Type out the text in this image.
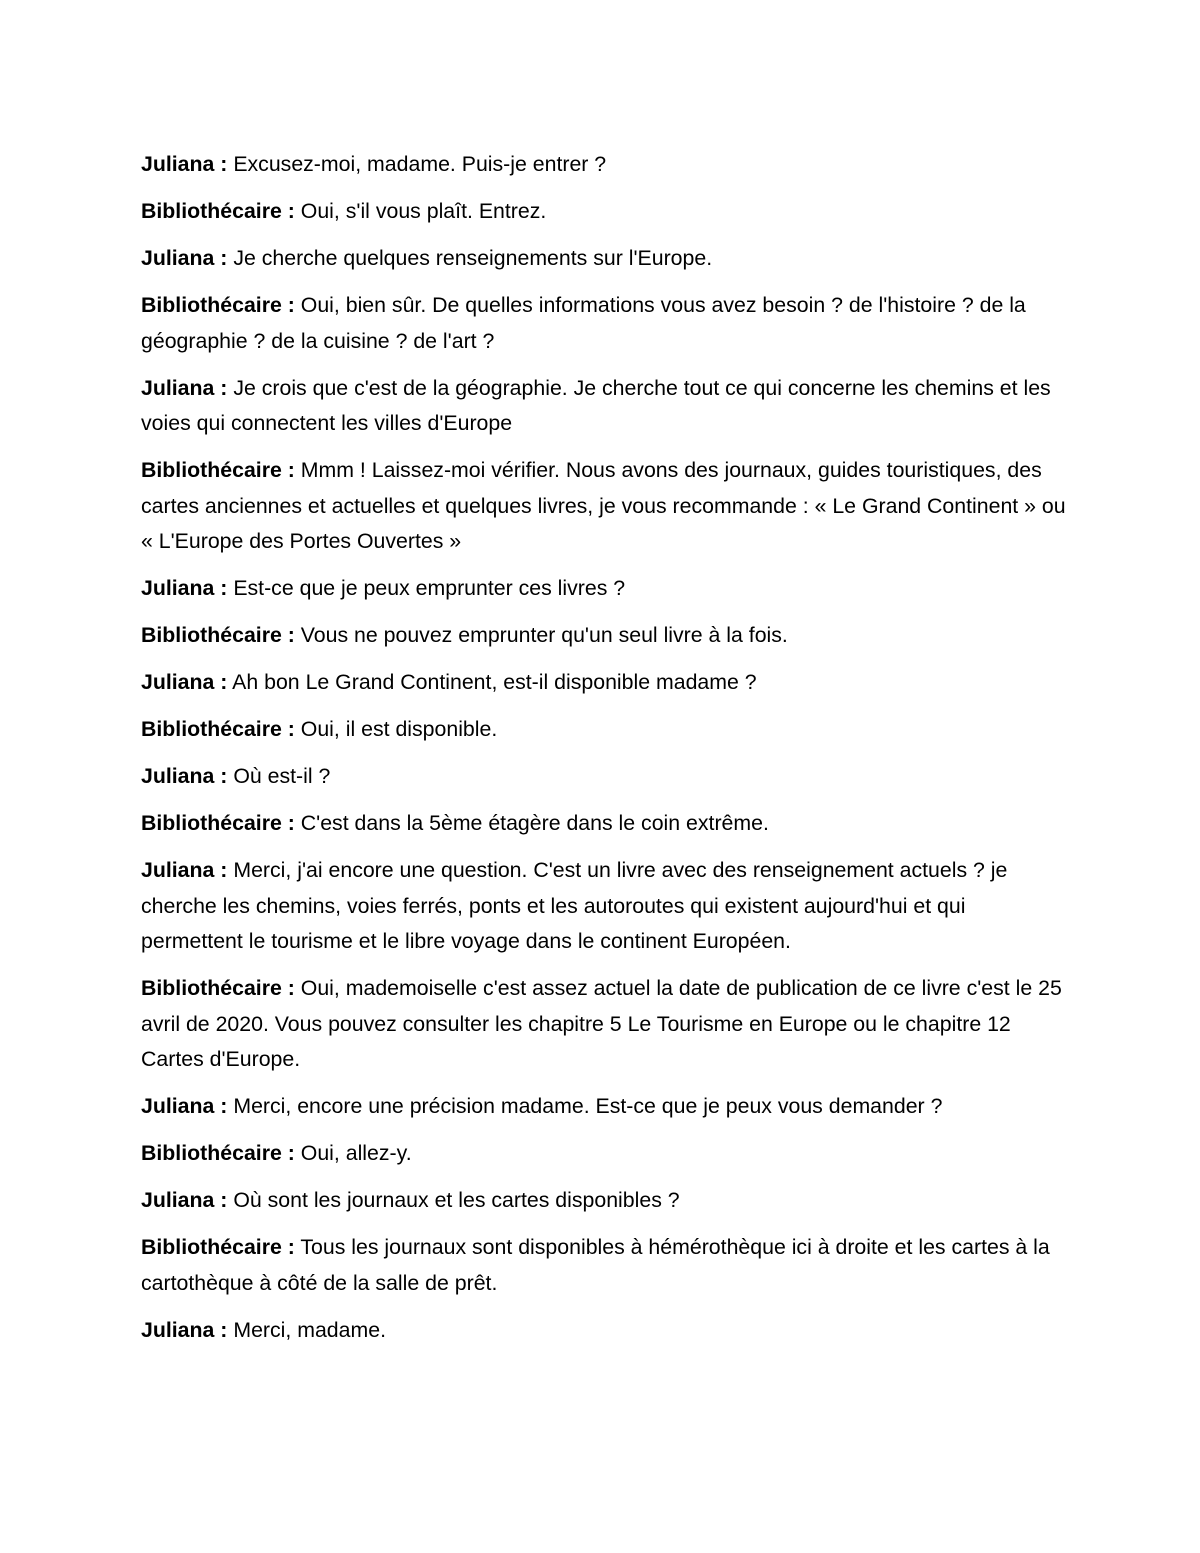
Juliana : Excusez-moi, madame. Puis-je entrer ?

Bibliothécaire : Oui, s'il vous plaît. Entrez.

Juliana : Je cherche quelques renseignements sur l'Europe.

Bibliothécaire : Oui, bien sûr. De quelles informations vous avez besoin ? de l'histoire ? de la géographie ? de la cuisine ? de l'art ?

Juliana : Je crois que c'est de la géographie. Je cherche tout ce qui concerne les chemins et les voies qui connectent les villes d'Europe

Bibliothécaire : Mmm ! Laissez-moi vérifier. Nous avons des journaux, guides touristiques, des cartes anciennes et actuelles et quelques livres, je vous recommande : « Le Grand Continent » ou « L'Europe des Portes Ouvertes »

Juliana : Est-ce que je peux emprunter ces livres ?

Bibliothécaire : Vous ne pouvez emprunter qu'un seul livre à la fois.

Juliana : Ah bon Le Grand Continent, est-il disponible madame ?

Bibliothécaire : Oui, il est disponible.

Juliana : Où est-il ?

Bibliothécaire : C'est dans la 5ème étagère dans le coin extrême.

Juliana : Merci, j'ai encore une question. C'est un livre avec des renseignement actuels ? je cherche les chemins, voies ferrés, ponts et les autoroutes qui existent aujourd'hui et qui permettent le tourisme et le libre voyage dans le continent Européen.

Bibliothécaire : Oui, mademoiselle c'est assez actuel la date de publication de ce livre c'est le 25 avril de 2020. Vous pouvez consulter les chapitre 5 Le Tourisme en Europe ou le chapitre 12 Cartes d'Europe.

Juliana : Merci, encore une précision madame. Est-ce que je peux vous demander ?

Bibliothécaire : Oui, allez-y.

Juliana : Où sont les journaux et les cartes disponibles ?

Bibliothécaire : Tous les journaux sont disponibles à hémérothèque ici à droite et les cartes à la cartothèque à côté de la salle de prêt.

Juliana : Merci, madame.
